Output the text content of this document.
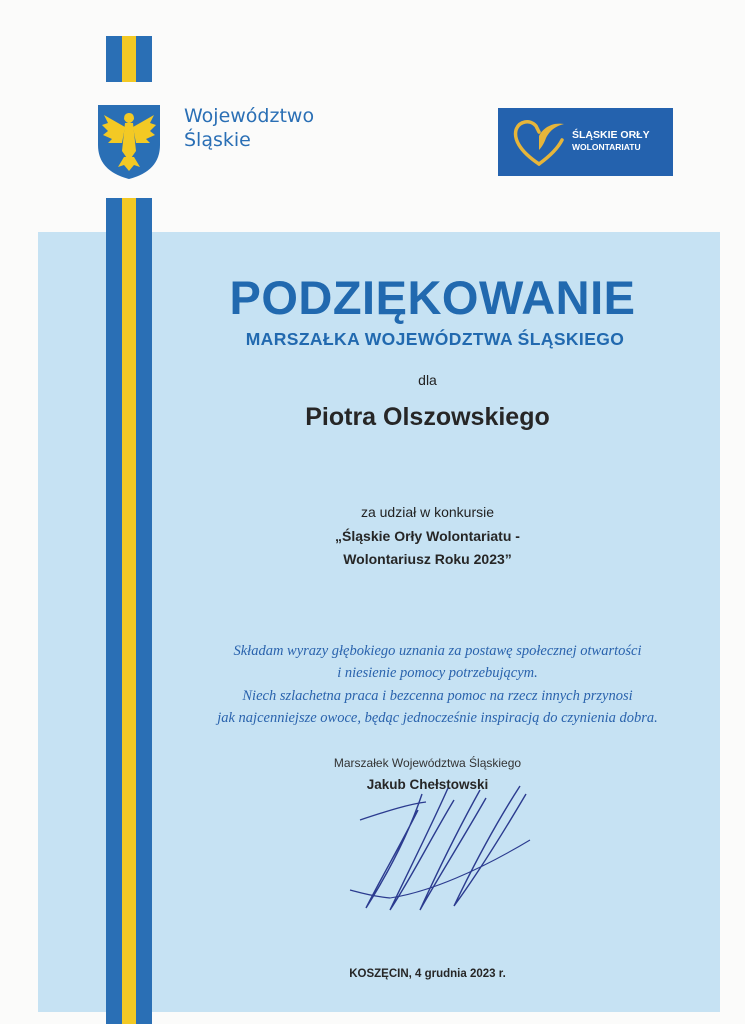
Województwo
Śląskie	ŚLĄSKIE ORŁY
WOLONTARIATU
PODZIĘKOWANIE
MARSZAŁKA WOJEWÓDZTWA ŚLĄSKIEGO
dla
Piotra Olszowskiego
za udział w konkursie
„Śląskie Orły Wolontariatu -
Wolontariusz Roku 2023”
Składam wyrazy głębokiego uznania za postawę społecznej otwartości
i niesienie pomocy potrzebującym.
Niech szlachetna praca i bezcenna pomoc na rzecz innych przynosi
jak najcenniejsze owoce, będąc jednocześnie inspiracją do czynienia dobra.
Marszałek Województwa Śląskiego
Jakub Chełstowski
KOSZĘCIN, 4 grudnia 2023 r.
